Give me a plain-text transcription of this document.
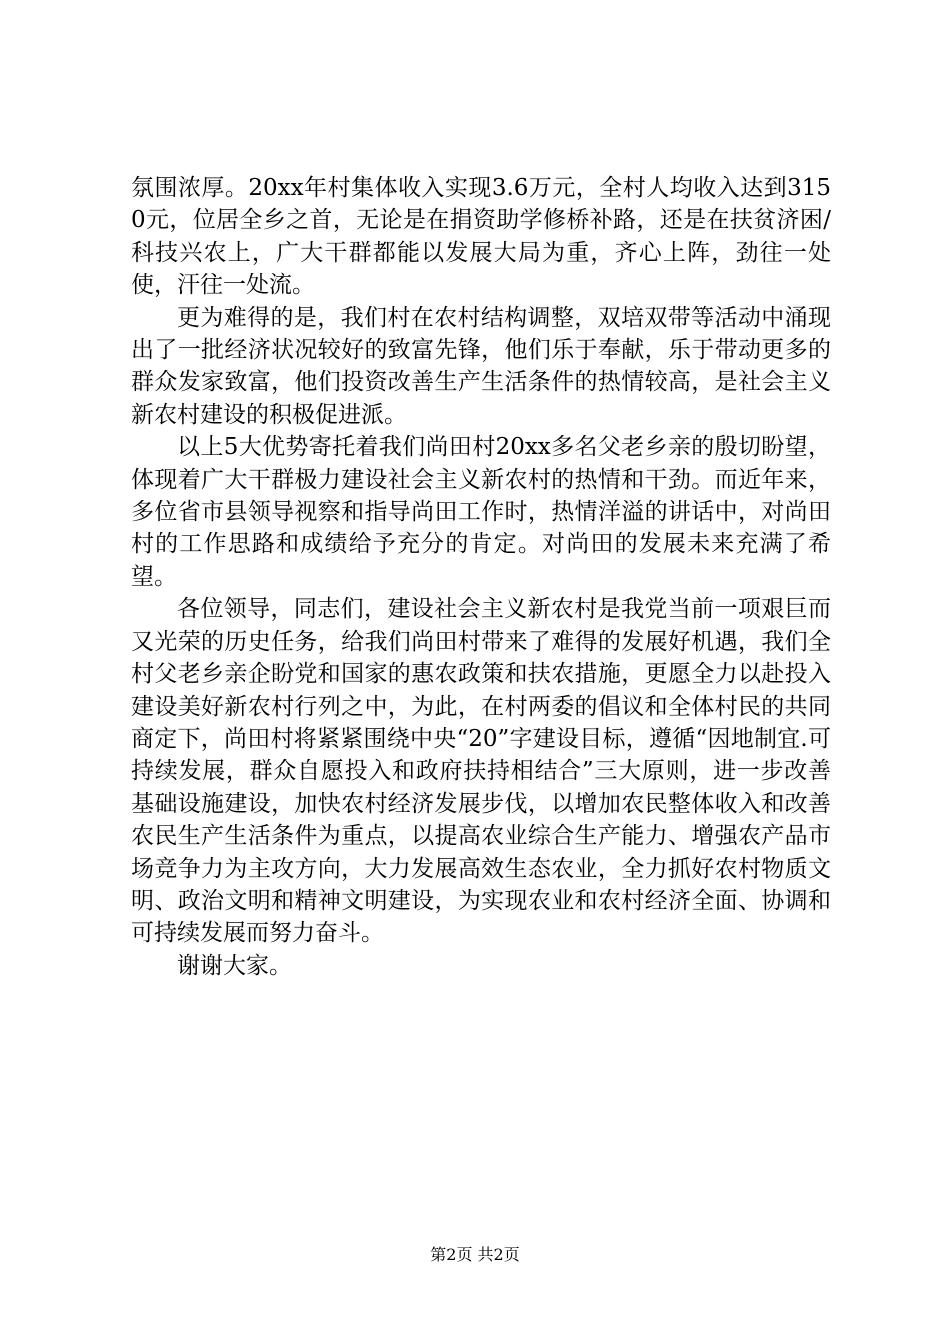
氛围浓厚。20xx年村集体收入实现3.6万元，全村人均收入达到3150元，位居全乡之首，无论是在捐资助学修桥补路，还是在扶贫济困/科技兴农上，广大干群都能以发展大局为重，齐心上阵，劲往一处使，汗往一处流。

更为难得的是，我们村在农村结构调整，双培双带等活动中涌现出了一批经济状况较好的致富先锋，他们乐于奉献，乐于带动更多的群众发家致富，他们投资改善生产生活条件的热情较高，是社会主义新农村建设的积极促进派。

以上5大优势寄托着我们尚田村20xx多名父老乡亲的殷切盼望，体现着广大干群极力建设社会主义新农村的热情和干劲。而近年来，多位省市县领导视察和指导尚田工作时，热情洋溢的讲话中，对尚田村的工作思路和成绩给予充分的肯定。对尚田的发展未来充满了希望。

各位领导，同志们，建设社会主义新农村是我党当前一项艰巨而又光荣的历史任务，给我们尚田村带来了难得的发展好机遇，我们全村父老乡亲企盼党和国家的惠农政策和扶农措施，更愿全力以赴投入建设美好新农村行列之中，为此，在村两委的倡议和全体村民的共同商定下，尚田村将紧紧围绕中央“20”字建设目标，遵循“因地制宜.可持续发展，群众自愿投入和政府扶持相结合”三大原则，进一步改善基础设施建设，加快农村经济发展步伐，以增加农民整体收入和改善农民生产生活条件为重点，以提高农业综合生产能力、增强农产品市场竞争力为主攻方向，大力发展高效生态农业，全力抓好农村物质文明、政治文明和精神文明建设，为实现农业和农村经济全面、协调和可持续发展而努力奋斗。

谢谢大家。

第2页 共2页
